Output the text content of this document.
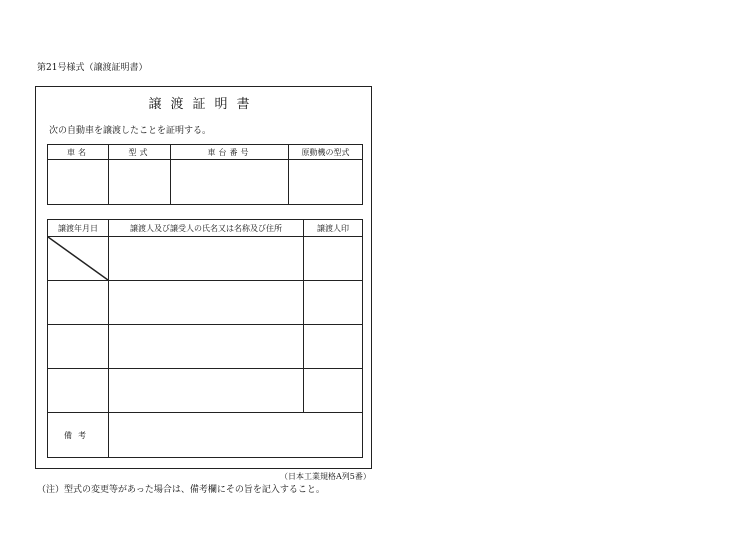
第21号様式（譲渡証明書）
譲渡証明書
次の自動車を譲渡したことを証明する。
車名	型式	車台番号	原動機の型式

譲渡年月日	譲渡人及び譲受人の氏名又は名称及び住所	譲渡人印

備考		
（日本工業規格A列5番）
（注）型式の変更等があった場合は、備考欄にその旨を記入すること。
